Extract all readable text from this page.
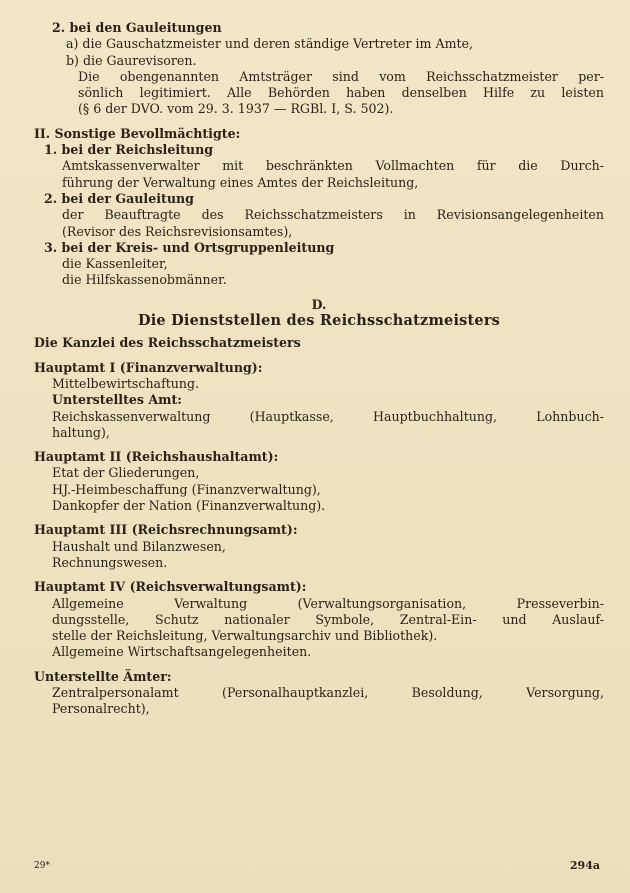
2. bei den Gauleitungen
a) die Gauschatzmeister und deren ständige Vertreter im Amte,
b) die Gaurevisoren.
Die obengenannten Amtsträger sind vom Reichsschatzmeister per-
sönlich legitimiert. Alle Behörden haben denselben Hilfe zu leisten
(§ 6 der DVO. vom 29. 3. 1937 — RGBl. I, S. 502).
II. Sonstige Bevollmächtigte:
1. bei der Reichsleitung
Amtskassenverwalter mit beschränkten Vollmachten für die Durch-
führung der Verwaltung eines Amtes der Reichsleitung,
2. bei der Gauleitung
der Beauftragte des Reichsschatzmeisters in Revisionsangelegenheiten
(Revisor des Reichsrevisionsamtes),
3. bei der Kreis- und Ortsgruppenleitung
die Kassenleiter,
die Hilfskassenobmänner.
D.
Die Dienststellen des Reichsschatzmeisters
Die Kanzlei des Reichsschatzmeisters
Hauptamt I (Finanzverwaltung):
Mittelbewirtschaftung.
Unterstelltes Amt:
Reichskassenverwaltung (Hauptkasse, Hauptbuchhaltung, Lohnbuch-
haltung),
Hauptamt II (Reichshaushaltamt):
Etat der Gliederungen,
HJ.-Heimbeschaffung (Finanzverwaltung),
Dankopfer der Nation (Finanzverwaltung).
Hauptamt III (Reichsrechnungsamt):
Haushalt und Bilanzwesen,
Rechnungswesen.
Hauptamt IV (Reichsverwaltungsamt):
Allgemeine Verwaltung (Verwaltungsorganisation, Presseverbin-
dungsstelle, Schutz nationaler Symbole, Zentral-Ein- und Auslauf-
stelle der Reichsleitung, Verwaltungsarchiv und Bibliothek).
Allgemeine Wirtschaftsangelegenheiten.
Unterstellte Ämter:
Zentralpersonalamt (Personalhauptkanzlei, Besoldung, Versorgung,
Personalrecht),
29*	294a
